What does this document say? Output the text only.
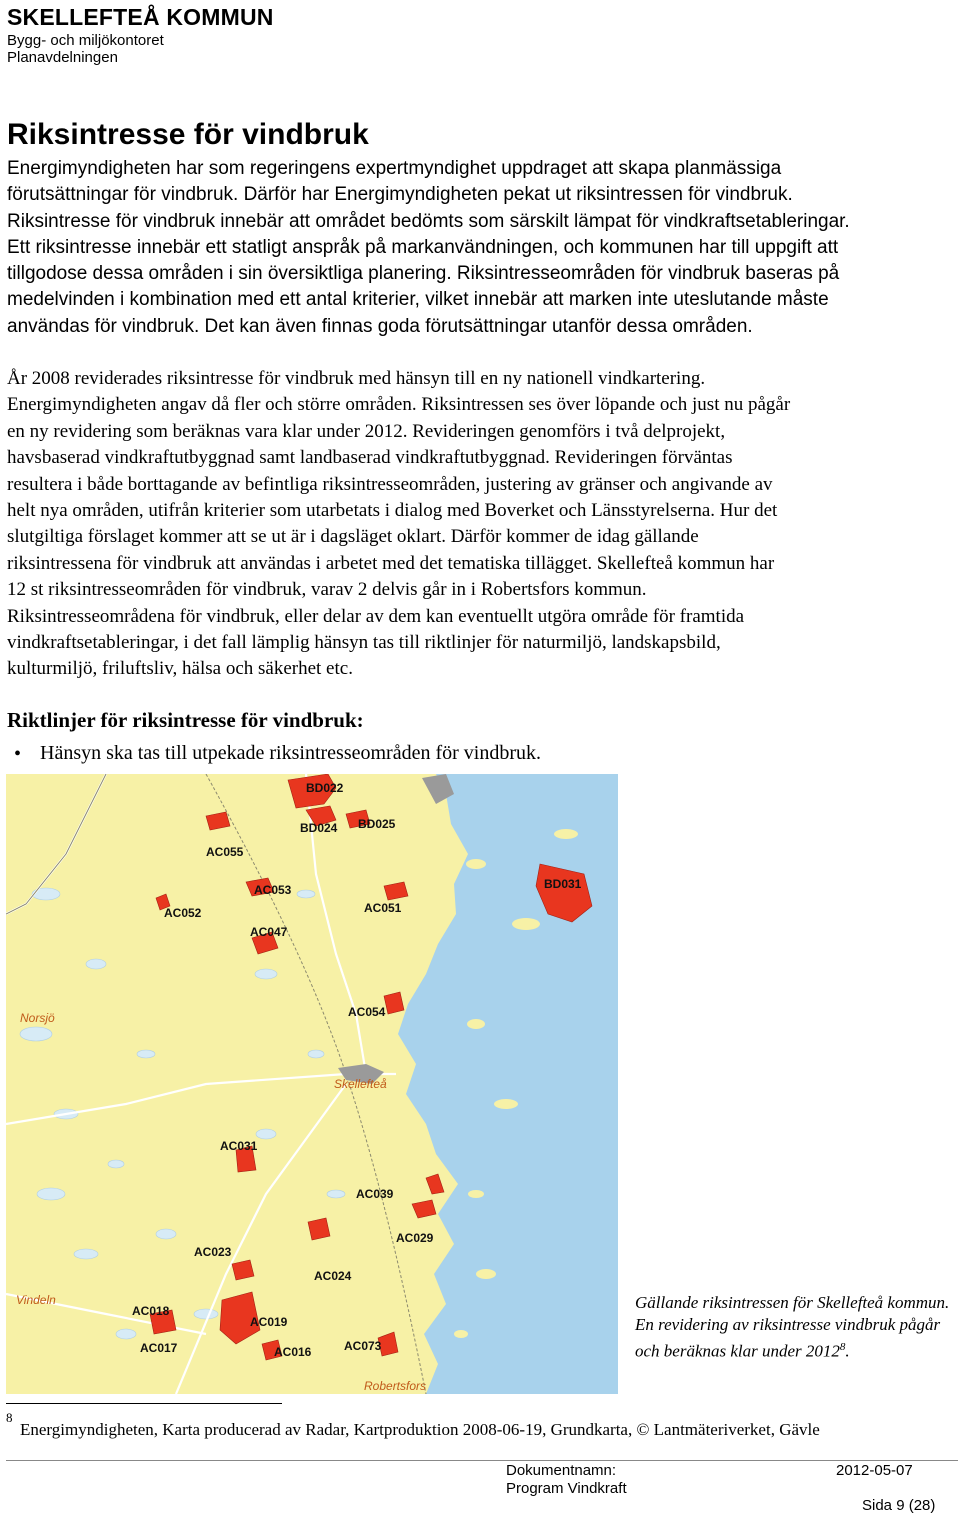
SKELLEFTEÅ KOMMUN
Bygg- och miljökontoret
Planavdelningen
Riksintresse för vindbruk
Energimyndigheten har som regeringens expertmyndighet uppdraget att skapa planmässiga
förutsättningar för vindbruk. Därför har Energimyndigheten pekat ut riksintressen för vindbruk.
Riksintresse för vindbruk innebär att området bedömts som särskilt lämpat för vindkraftsetableringar.
Ett riksintresse innebär ett statligt anspråk på markanvändningen, och kommunen har till uppgift att
tillgodose dessa områden i sin översiktliga planering. Riksintresseområden för vindbruk baseras på
medelvinden i kombination med ett antal kriterier, vilket innebär att marken inte uteslutande måste
användas för vindbruk. Det kan även finnas goda förutsättningar utanför dessa områden.
År 2008 reviderades riksintresse för vindbruk med hänsyn till en ny nationell vindkartering.
Energimyndigheten angav då fler och större områden. Riksintressen ses över löpande och just nu pågår
en ny revidering som beräknas vara klar under 2012. Revideringen genomförs i två delprojekt,
havsbaserad vindkraftutbyggnad samt landbaserad vindkraftutbyggnad. Revideringen förväntas
resultera i både borttagande av befintliga riksintresseområden, justering av gränser och angivande av
helt nya områden, utifrån kriterier som utarbetats i dialog med Boverket och Länsstyrelserna. Hur det
slutgiltiga förslaget kommer att se ut är i dagsläget oklart. Därför kommer de idag gällande
riksintressena för vindbruk att användas i arbetet med det tematiska tillägget. Skellefteå kommun har
12 st riksintresseområden för vindbruk, varav 2 delvis går in i Robertsfors kommun.
Riksintresseområdena för vindbruk, eller delar av dem kan eventuellt utgöra område för framtida
vindkraftsetableringar, i det fall lämplig hänsyn tas till riktlinjer för naturmiljö, landskapsbild,
kulturmiljö, friluftsliv, hälsa och säkerhet etc.
Riktlinjer för riksintresse för vindbruk:
• Hänsyn ska tas till utpekade riksintresseområden för vindbruk.
BD022
BD024 BD025
AC055
AC053
AC052	AC051
AC047
BD031
AC054
AC031
AC039
AC029
AC023
AC024
AC018
AC019
AC016
AC017	AC073
Norsjö
Skellefteå
Vindeln
Robertsfors
Gällande riksintressen för Skellefteå kommun. En revidering av riksintresse vindbruk pågår och beräknas klar under 2012$^8$.
8
Energimyndigheten, Karta producerad av Radar, Kartproduktion 2008-06-19, Grundkarta, © Lantmäteriverket, Gävle
Dokumentnamn:
Program Vindkraft
2012-05-07
Sida 9 (28)
